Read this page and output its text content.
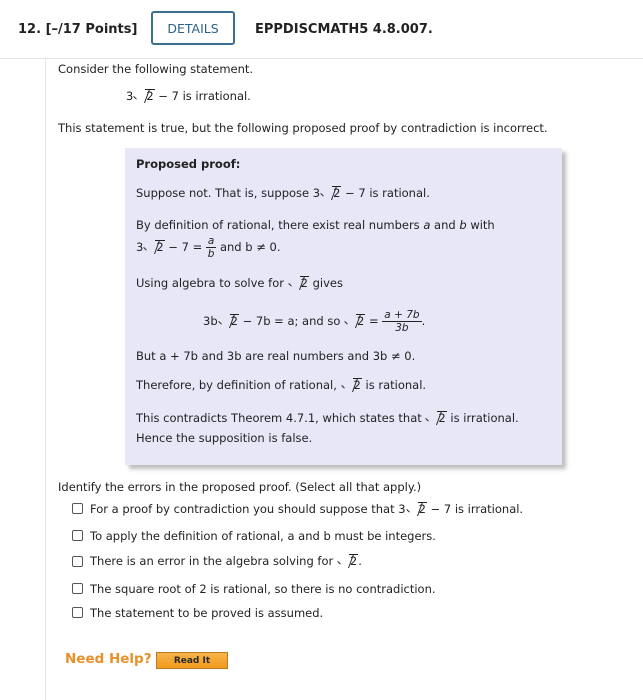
12. [–/17 Points]	DETAILS	EPPDISCMATH5 4.8.007.
Consider the following statement.
3 2 − 7 is irrational.
This statement is true, but the following proposed proof by contradiction is incorrect.
Proposed proof:
Suppose not. That is, suppose 3 2 − 7 is rational.
By definition of rational, there exist real numbers a and b with
3 $2 - 7 = \frac{a}{b}$ and b ≠ 0.
Using algebra to solve for 2 gives
3b 2 − 7b = a; and so
$2 = \frac{a + 7b}{3b}$ .
But a + 7b and 3b are real numbers and 3b ≠ 0.
Therefore, by definition of rational, 2 is rational.
This contradicts Theorem 4.7.1, which states that 2 is irrational.
Hence the supposition is false.
Identify the errors in the proposed proof. (Select all that apply.)
For a proof by contradiction you should suppose that 3 2 − 7 is irrational.
To apply the definition of rational, a and b must be integers.
There is an error in the algebra solving for 2.
The square root of 2 is rational, so there is no contradiction.
The statement to be proved is assumed.
Need Help?	Read It
